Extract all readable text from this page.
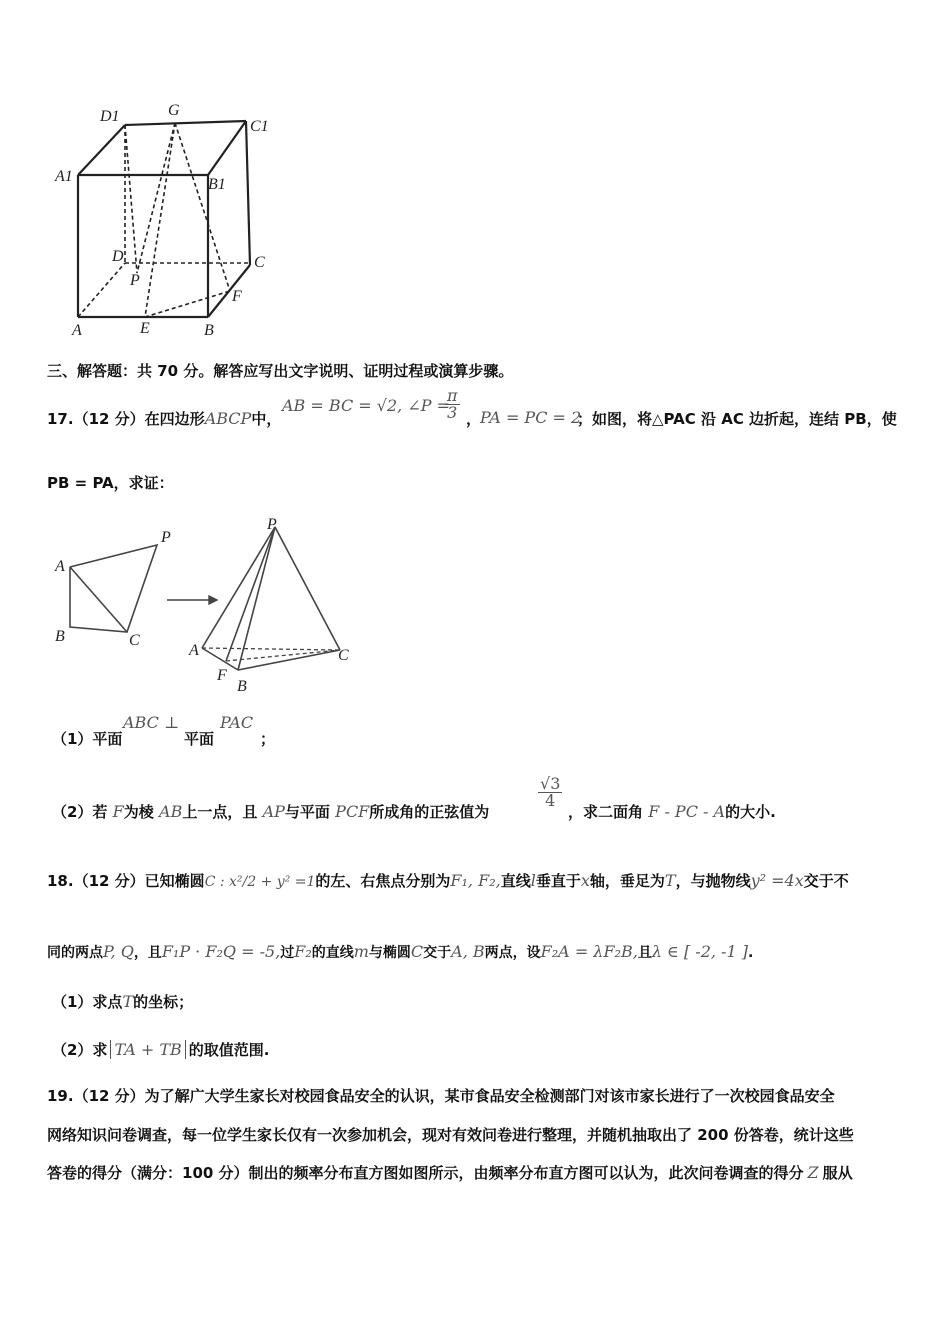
D1	G
C1
A1	B1
D	C
P
F
A	E	B
三、解答题：共 70 分。解答应写出文字说明、证明过程或演算步骤。
17.（12 分）在四边形ABCP中，
AB = BC = √2, ∠P =
$\frac{\pi}{3}$ ，
PA = PC = 2
；如图，将△PAC 沿 AC 边折起，连结 PB，使
PB = PA，求证：
A
P
B	C
P
A	C
F
B
（1）平面
ABC ⊥
平面
PAC
；
（2）若 F为棱 AB上一点，且 AP与平面 PCF所成角的正弦值为
$\frac{√3}{4}$
，求二面角 F - PC - A的大小.
18.（12 分）已知椭圆C : x²/2 + y² =1的左、右焦点分别为F₁, F₂,直线l垂直于x轴，垂足为T，与抛物线y² =4x交于不
同的两点P, Q，且F₁P · F₂Q = -5,过F₂的直线m与椭圆C交于A, B两点，设F₂A = λF₂B,且λ ∈ [ -2, -1 ].
（1）求点T的坐标；
（2）求 TA + TB 的取值范围.
19.（12 分）为了解广大学生家长对校园食品安全的认识，某市食品安全检测部门对该市家长进行了一次校园食品安全
网络知识问卷调查，每一位学生家长仅有一次参加机会，现对有效问卷进行整理，并随机抽取出了 200 份答卷，统计这些
答卷的得分（满分：100 分）制出的频率分布直方图如图所示，由频率分布直方图可以认为，此次问卷调查的得分 Z 服从
